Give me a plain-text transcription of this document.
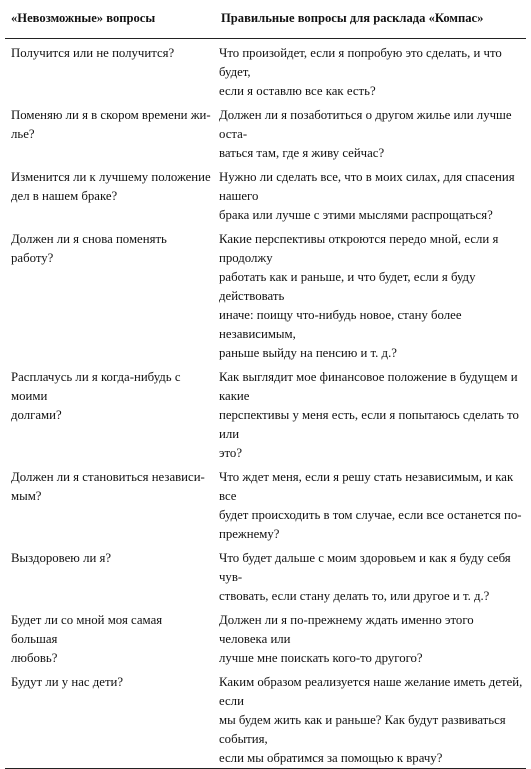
«Невозможные» вопросы	Правильные вопросы для расклада «Компас»
Получится или не получится?	Что произойдет, если я попробую это сделать, и что будет,
если я оставлю все как есть?
Поменяю ли я в скором времени жи-
лье?	Должен ли я позаботиться о другом жилье или лучше оста-
ваться там, где я живу сейчас?
Изменится ли к лучшему положение
дел в нашем браке?	Нужно ли сделать все, что в моих силах, для спасения нашего
брака или лучше с этими мыслями распрощаться?
Должен ли я снова поменять работу?	Какие перспективы откроются передо мной, если я продолжу
работать как и раньше, и что будет, если я буду действовать
иначе: поищу что-нибудь новое, стану более независимым,
раньше выйду на пенсию и т. д.?
Расплачусь ли я когда-нибудь с моими
долгами?	Как выглядит мое финансовое положение в будущем и какие
перспективы у меня есть, если я попытаюсь сделать то или
это?
Должен ли я становиться независи-
мым?	Что ждет меня, если я решу стать независимым, и как все
будет происходить в том случае, если все останется по-
прежнему?
Выздоровею ли я?	Что будет дальше с моим здоровьем и как я буду себя чув-
ствовать, если стану делать то, или другое и т. д.?
Будет ли со мной моя самая большая
любовь?	Должен ли я по-прежнему ждать именно этого человека или
лучше мне поискать кого-то другого?
Будут ли у нас дети?	Каким образом реализуется наше желание иметь детей, если
мы будем жить как и раньше? Как будут развиваться события,
если мы обратимся за помощью к врачу?
